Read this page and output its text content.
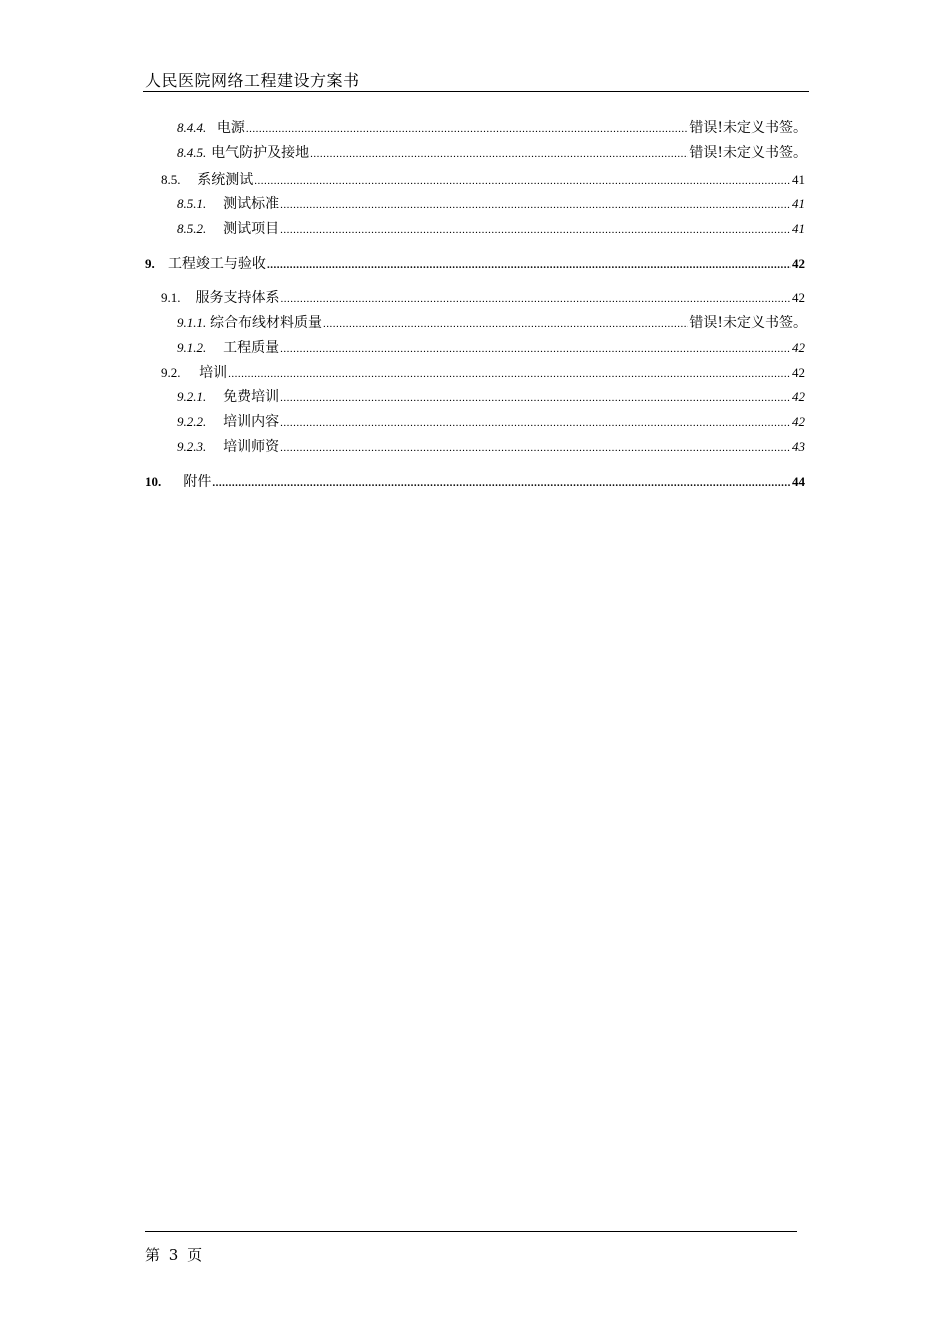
人民医院网络工程建设方案书
8.4.4. 电源 .....	错误!未定义书签。
8.4.5. 电气防护及接地 .....	错误!未定义书签。
8.5.	系统测试 .....	41
8.5.1.	测试标准 .....	41
8.5.2.	测试项目 .....	41
9. 工程竣工与验收 .....	42
9.1.	服务支持体系 .....	42
9.1.1. 综合布线材料质量 .....	错误!未定义书签。
9.1.2.	工程质量 .....	42
9.2.	培训 .....	42
9.2.1.	免费培训 .....	42
9.2.2.	培训内容 .....	42
9.2.3.	培训师资 .....	43
10.	附件 .....	44
第 3 页
